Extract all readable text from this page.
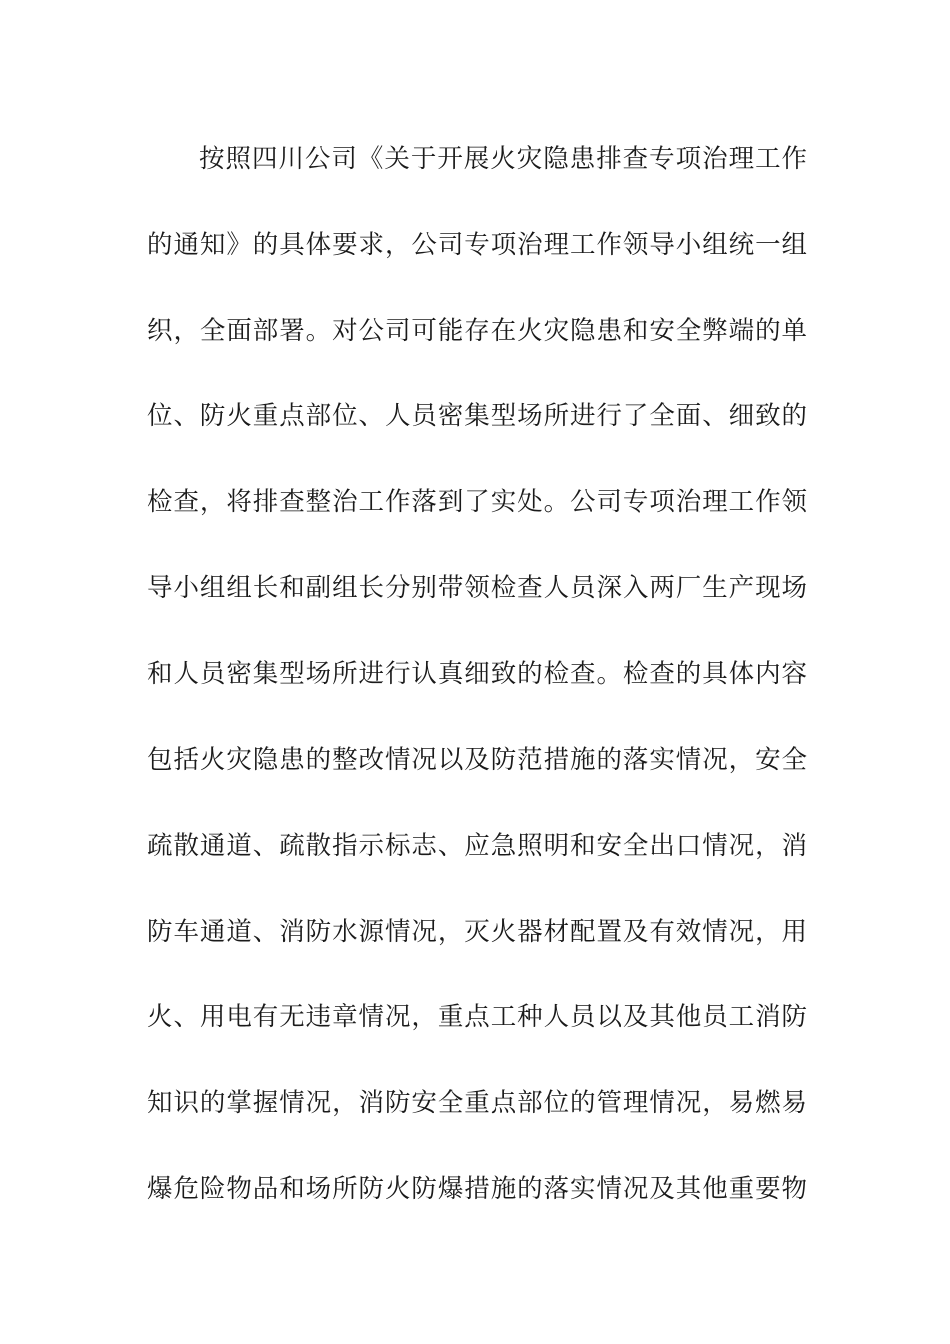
按照四川公司《关于开展火灾隐患排查专项治理工作
的通知》的具体要求，公司专项治理工作领导小组统一组
织，全面部署。对公司可能存在火灾隐患和安全弊端的单
位、防火重点部位、人员密集型场所进行了全面、细致的
检查，将排查整治工作落到了实处。公司专项治理工作领
导小组组长和副组长分别带领检查人员深入两厂生产现场
和人员密集型场所进行认真细致的检查。检查的具体内容
包括火灾隐患的整改情况以及防范措施的落实情况，安全
疏散通道、疏散指示标志、应急照明和安全出口情况，消
防车通道、消防水源情况，灭火器材配置及有效情况，用
火、用电有无违章情况，重点工种人员以及其他员工消防
知识的掌握情况，消防安全重点部位的管理情况，易燃易
爆危险物品和场所防火防爆措施的落实情况及其他重要物
